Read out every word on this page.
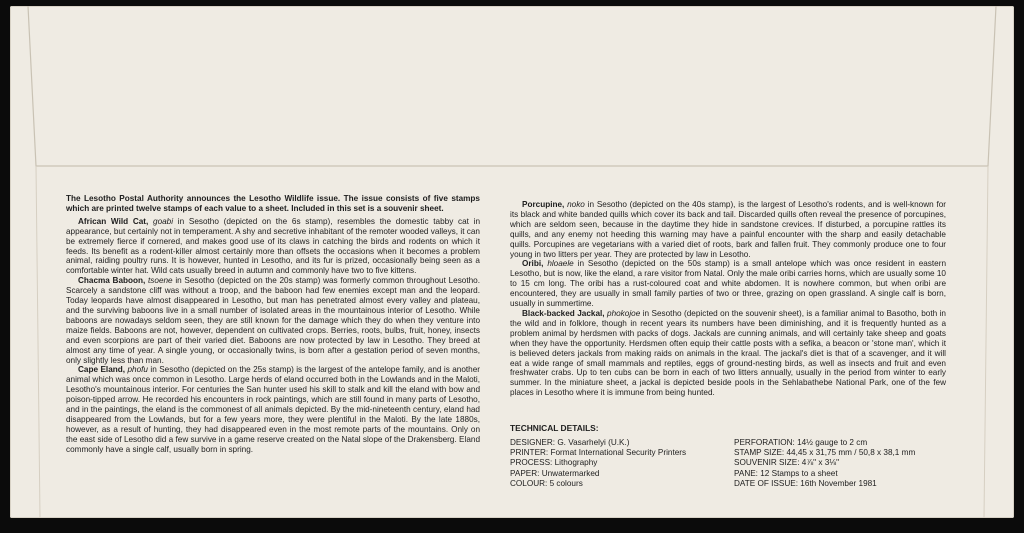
The Lesotho Postal Authority announces the Lesotho Wildlife issue. The issue consists of five stamps which are printed twelve stamps of each value to a sheet. Included in this set is a souvenir sheet.

African Wild Cat, goabi in Sesotho (depicted on the 6s stamp), resembles the domestic tabby cat in appearance, but certainly not in temperament. A shy and secretive inhabitant of the remoter wooded valleys, it can be extremely fierce if cornered, and makes good use of its claws in catching the birds and rodents on which it feeds. Its benefit as a rodent-killer almost certainly more than offsets the occasions when it becomes a problem animal, raiding poultry runs. It is however, hunted in Lesotho, and its fur is prized, occasionally being seen as a comfortable winter hat. Wild cats usually breed in autumn and commonly have two to five kittens.

Chacma Baboon, tsoene in Sesotho (depicted on the 20s stamp) was formerly common throughout Lesotho. Scarcely a sandstone cliff was without a troop, and the baboon had few enemies except man and the leopard. Today leopards have almost disappeared in Lesotho, but man has penetrated almost every valley and plateau, and the surviving baboons live in a small number of isolated areas in the mountainous interior of Lesotho. While baboons are nowadays seldom seen, they are still known for the damage which they do when they venture into maize fields. Baboons are not, however, dependent on cultivated crops. Berries, roots, bulbs, fruit, honey, insects and even scorpions are part of their varied diet. Baboons are now protected by law in Lesotho. They breed at almost any time of year. A single young, or occasionally twins, is born after a gestation period of seven months, only slightly less than man.

Cape Eland, phofu in Sesotho (depicted on the 25s stamp) is the largest of the antelope family, and is another animal which was once common in Lesotho. Large herds of eland occurred both in the Lowlands and in the Maloti, Lesotho's mountainous interior. For centuries the San hunter used his skill to stalk and kill the eland with bow and poison-tipped arrow. He recorded his encounters in rock paintings, which are still found in many parts of Lesotho, and in the paintings, the eland is the commonest of all animals depicted. By the mid-nineteenth century, eland had disappeared from the Lowlands, but for a few years more, they were plentiful in the Maloti. By the late 1880s, however, as a result of hunting, they had disappeared even in the most remote parts of the mountains. Only on the east side of Lesotho did a few survive in a game reserve created on the Natal slope of the Drakensberg. Eland commonly have a single calf, usually born in spring.

Porcupine, noko in Sesotho (depicted on the 40s stamp), is the largest of Lesotho's rodents, and is well-known for its black and white banded quills which cover its back and tail. Discarded quills often reveal the presence of porcupines, which are seldom seen, because in the daytime they hide in sandstone crevices. If disturbed, a porcupine rattles its quills, and any enemy not heeding this warning may have a painful encounter with the sharp and easily detachable quills. Porcupines are vegetarians with a varied diet of roots, bark and fallen fruit. They commonly produce one to four young in two litters per year. They are protected by law in Lesotho.

Oribi, hloaele in Sesotho (depicted on the 50s stamp) is a small antelope which was once resident in eastern Lesotho, but is now, like the eland, a rare visitor from Natal. Only the male oribi carries horns, which are usually some 10 to 15 cm long. The oribi has a rust-coloured coat and white abdomen. It is nowhere common, but when oribi are encountered, they are usually in small family parties of two or three, grazing on open grassland. A single calf is born, usually in summertime.

Black-backed Jackal, phokojoe in Sesotho (depicted on the souvenir sheet), is a familiar animal to Basotho, both in the wild and in folklore, though in recent years its numbers have been diminishing, and it is frequently hunted as a problem animal by herdsmen with packs of dogs. Jackals are cunning animals, and will certainly take sheep and goats when they have the opportunity. Herdsmen often equip their cattle posts with a sefika, a beacon or 'stone man', which it is believed deters jackals from making raids on animals in the kraal. The jackal's diet is that of a scavenger, and it will eat a wide range of small mammals and reptiles, eggs of ground-nesting birds, as well as insects and fruit and even freshwater crabs. Up to ten cubs can be born in each of two litters annually, usually in the period from winter to early summer. In the miniature sheet, a jackal is depicted beside pools in the Sehlabathebe National Park, one of the few places in Lesotho where it is immune from being hunted.

TECHNICAL DETAILS:
DESIGNER: G. Vasarhelyi (U.K.)
PRINTER: Format International Security Printers
PROCESS: Lithography
PAPER: Unwatermarked
COLOUR: 5 colours
PERFORATION: 14½ gauge to 2 cm
STAMP SIZE: 44,45 x 31,75 mm / 50,8 x 38,1 mm
SOUVENIR SIZE: 4⅞" x 3⅛"
PANE: 12 Stamps to a sheet
DATE OF ISSUE: 16th November 1981
